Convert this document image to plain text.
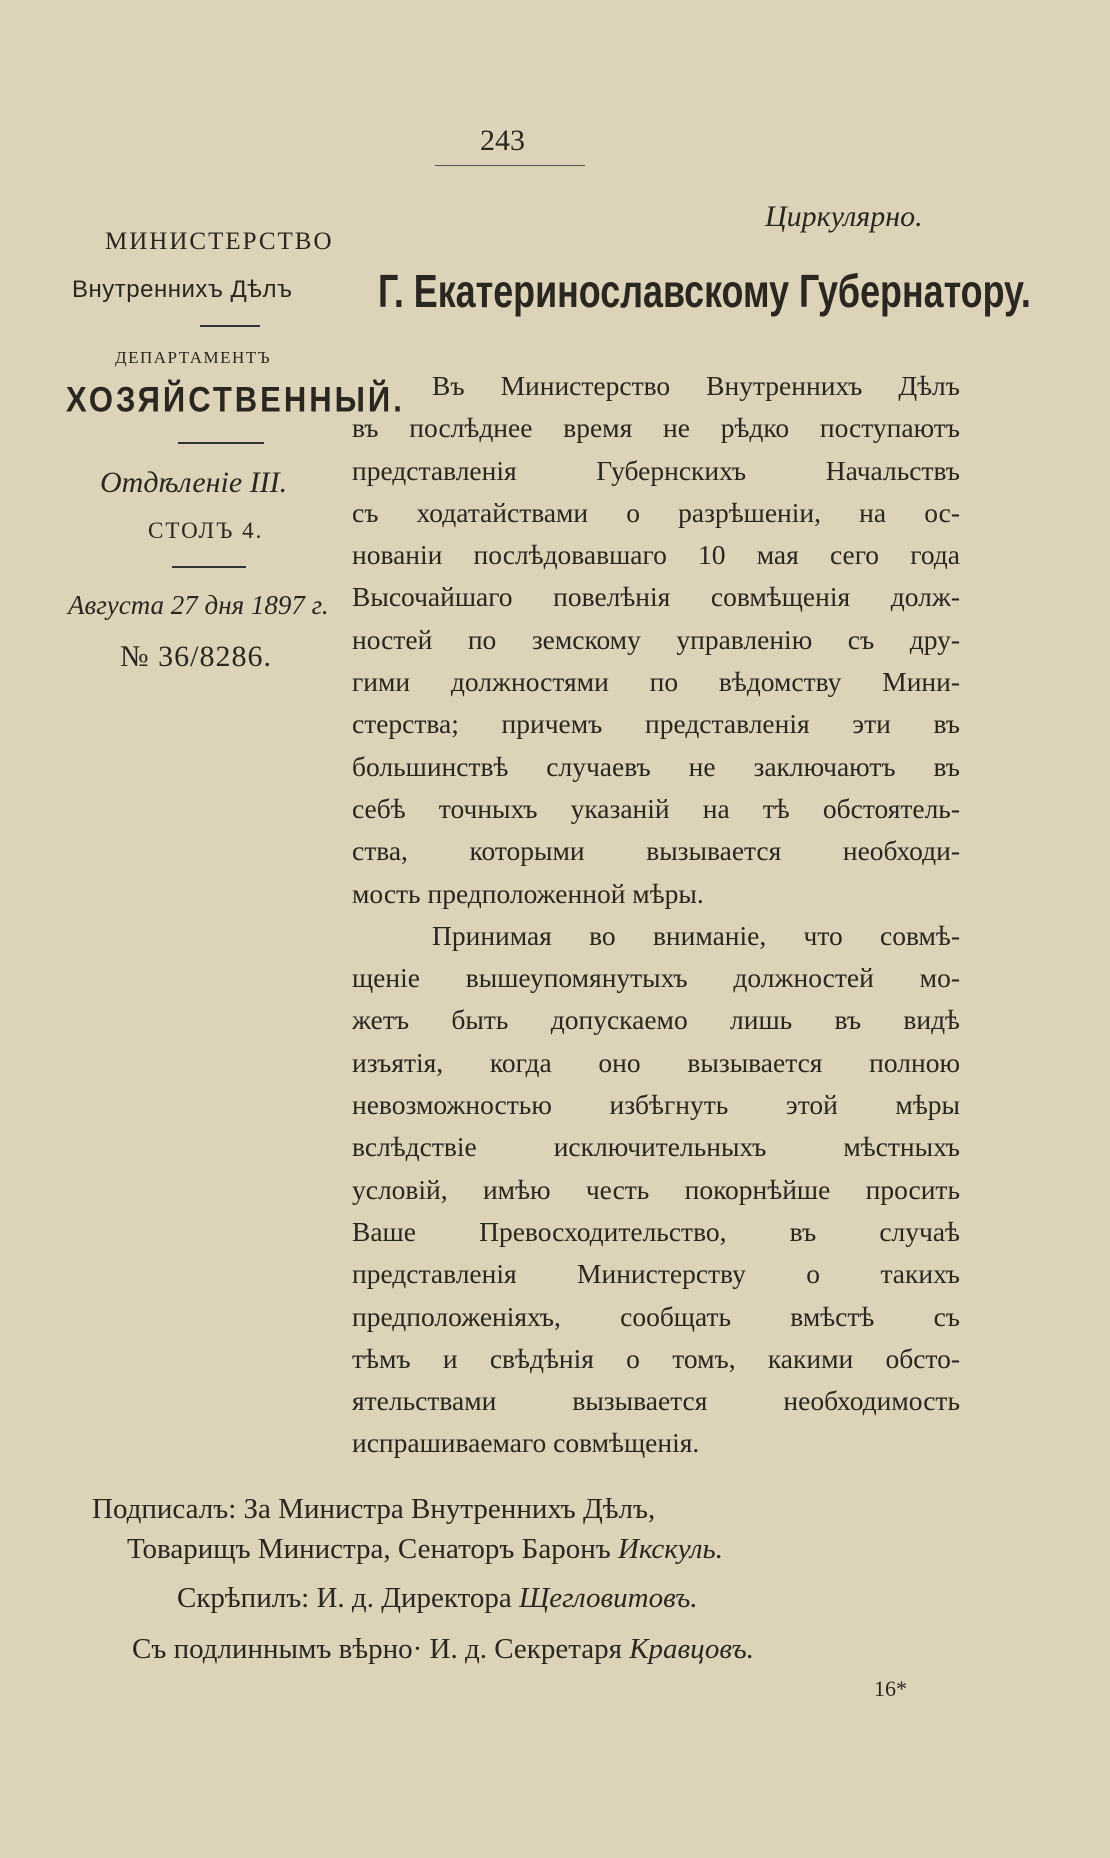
243
Циркулярно.
МИНИСТЕРСТВО
Внутреннихъ Дѣлъ Г. Екатеринославскому Губернатору.
ДЕПАРТАМЕНТЪ
ХОЗЯЙСТВЕННЫЙ.
Отдѣленіе III.
СТОЛЪ 4.
Августа 27 дня 1897 г.
№ 36/8286.
Въ Министерство Внутреннихъ Дѣлъ
въ послѣднее время не рѣдко поступаютъ
представленія Губернскихъ Начальствъ
съ ходатайствами о разрѣшеніи, на ос-
нованіи послѣдовавшаго 10 мая сего года
Высочайшаго повелѣнія совмѣщенія долж-
ностей по земскому управленію съ дру-
гими должностями по вѣдомству Мини-
стерства; причемъ представленія эти въ
большинствѣ случаевъ не заключаютъ въ
себѣ точныхъ указаній на тѣ обстоятель-
ства, которыми вызывается необходи-
мость предположенной мѣры.
Принимая во вниманіе, что совмѣ-
щеніе вышеупомянутыхъ должностей мо-
жетъ быть допускаемо лишь въ видѣ
изъятія, когда оно вызывается полною
невозможностью избѣгнуть этой мѣры
вслѣдствіе исключительныхъ мѣстныхъ
условій, имѣю честь покорнѣйше просить
Ваше Превосходительство, въ случаѣ
представленія Министерству о такихъ
предположеніяхъ, сообщать вмѣстѣ съ
тѣмъ и свѣдѣнія о томъ, какими обсто-
ятельствами вызывается необходимость
испрашиваемаго совмѣщенія.
Подписалъ: За Министра Внутреннихъ Дѣлъ,
Товарищъ Министра, Сенаторъ Баронъ Икскуль.
Скрѣпилъ: И. д. Директора Щегловитовъ.
Съ подлиннымъ вѣрно· И. д. Секретаря Кравцовъ.
16*
